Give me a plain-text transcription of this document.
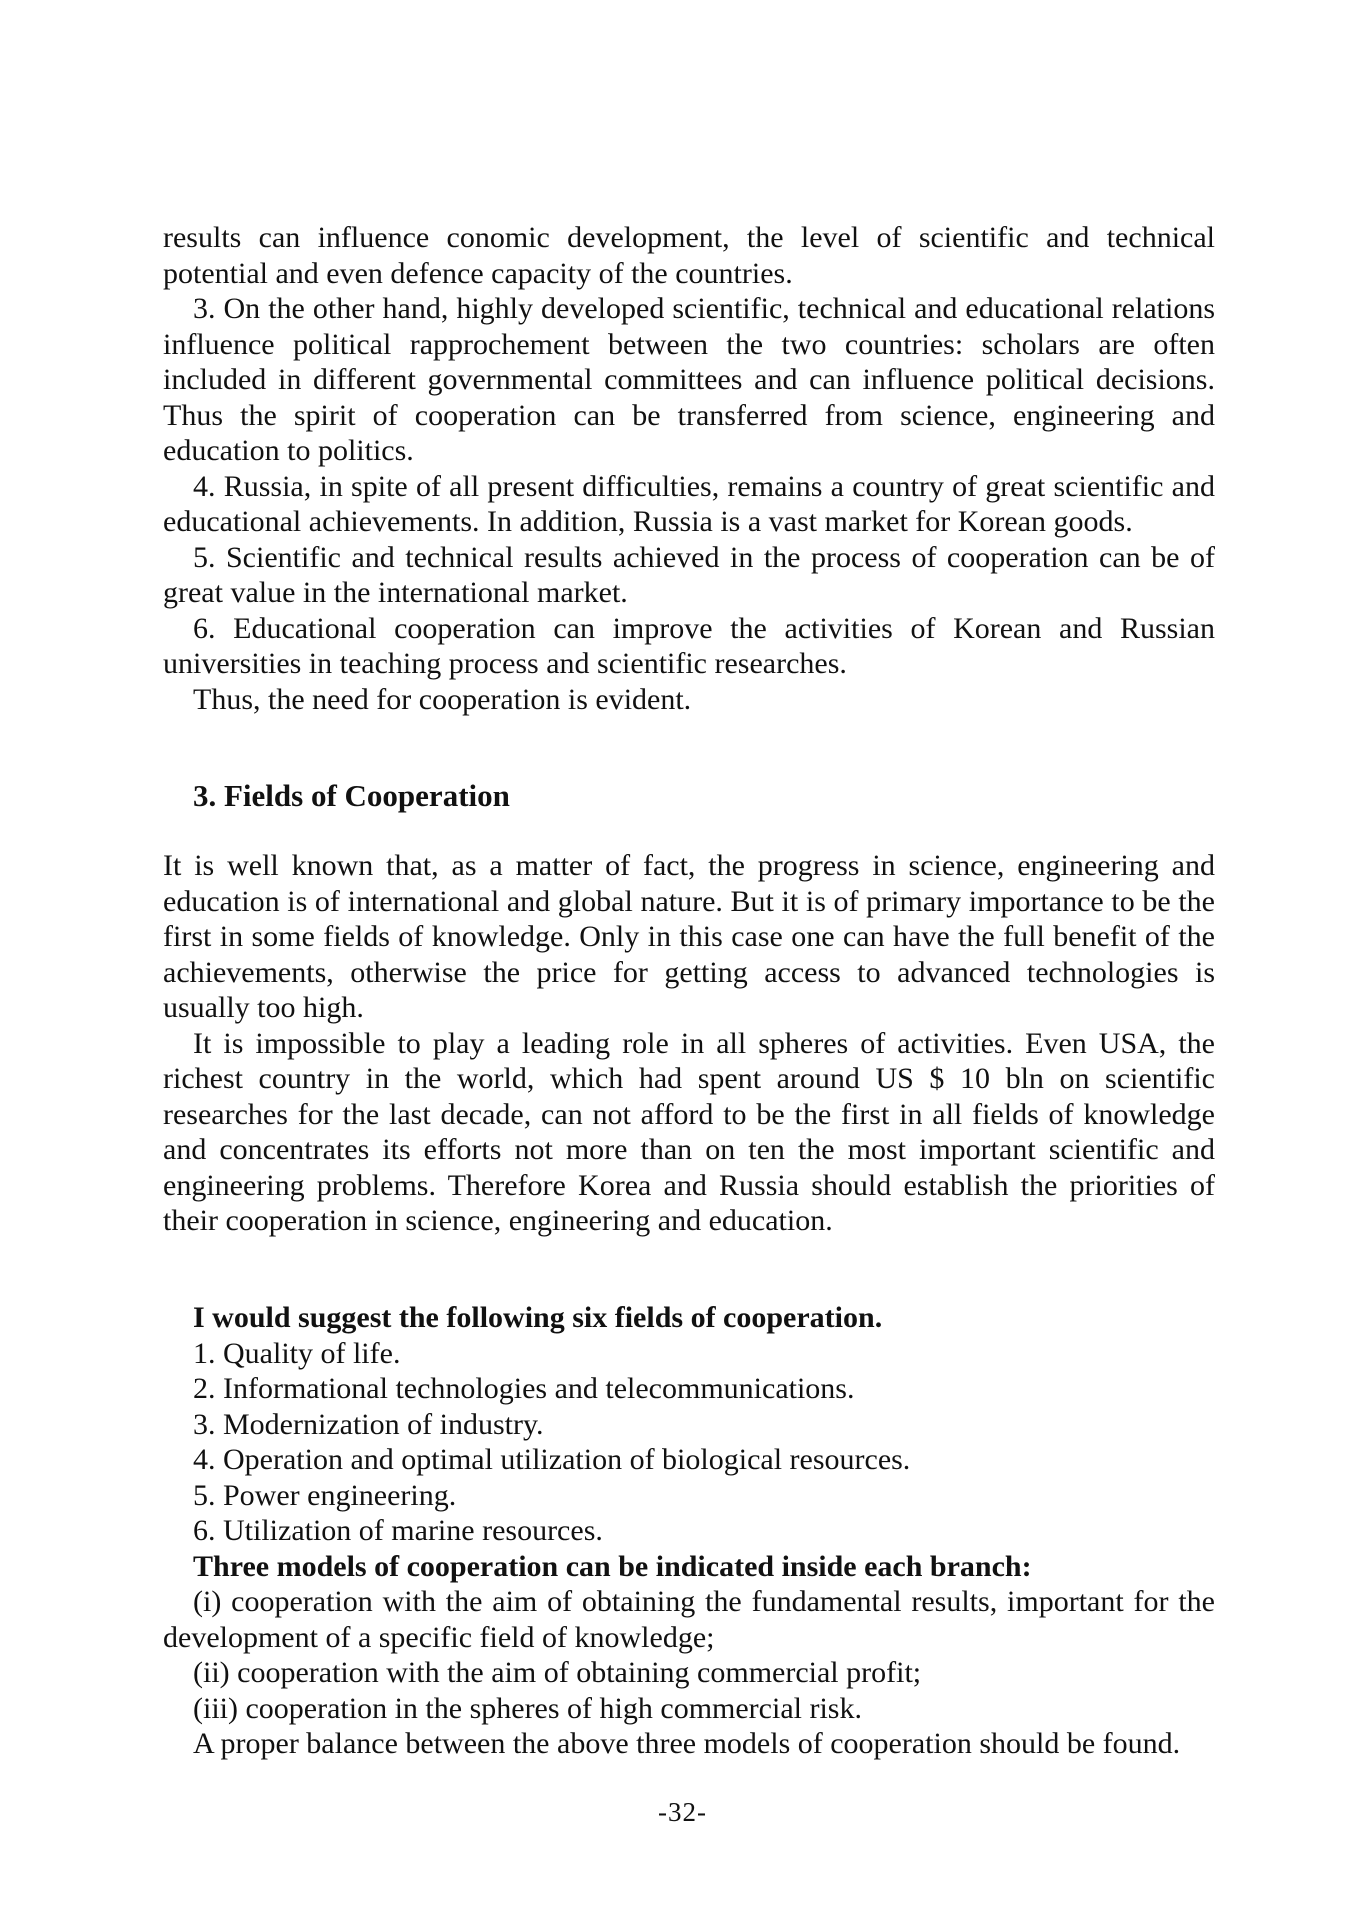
results can influence conomic development, the level of scientific and technical potential and even defence capacity of the countries.

3. On the other hand, highly developed scientific, technical and educational relations influence political rapprochement between the two countries: scholars are often included in different governmental committees and can influence political decisions. Thus the spirit of cooperation can be transferred from science, engineering and education to politics.

4. Russia, in spite of all present difficulties, remains a country of great scientific and educational achievements. In addition, Russia is a vast market for Korean goods.

5. Scientific and technical results achieved in the process of cooperation can be of great value in the international market.

6. Educational cooperation can improve the activities of Korean and Russian universities in teaching process and scientific researches.

Thus, the need for cooperation is evident.

3. Fields of Cooperation

It is well known that, as a matter of fact, the progress in science, engineering and education is of international and global nature. But it is of primary importance to be the first in some fields of knowledge. Only in this case one can have the full benefit of the achievements, otherwise the price for getting access to advanced technologies is usually too high.

It is impossible to play a leading role in all spheres of activities. Even USA, the richest country in the world, which had spent around US $ 10 bln on scientific researches for the last decade, can not afford to be the first in all fields of knowledge and concentrates its efforts not more than on ten the most important scientific and engineering problems. Therefore Korea and Russia should establish the priorities of their cooperation in science, engineering and education.

I would suggest the following six fields of cooperation.

1. Quality of life.

2. Informational technologies and telecommunications.

3. Modernization of industry.

4. Operation and optimal utilization of biological resources.

5. Power engineering.

6. Utilization of marine resources.

Three models of cooperation can be indicated inside each branch:

(i) cooperation with the aim of obtaining the fundamental results, important for the development of a specific field of knowledge;

(ii) cooperation with the aim of obtaining commercial profit;

(iii) cooperation in the spheres of high commercial risk.

A proper balance between the above three models of cooperation should be found.

-32-
